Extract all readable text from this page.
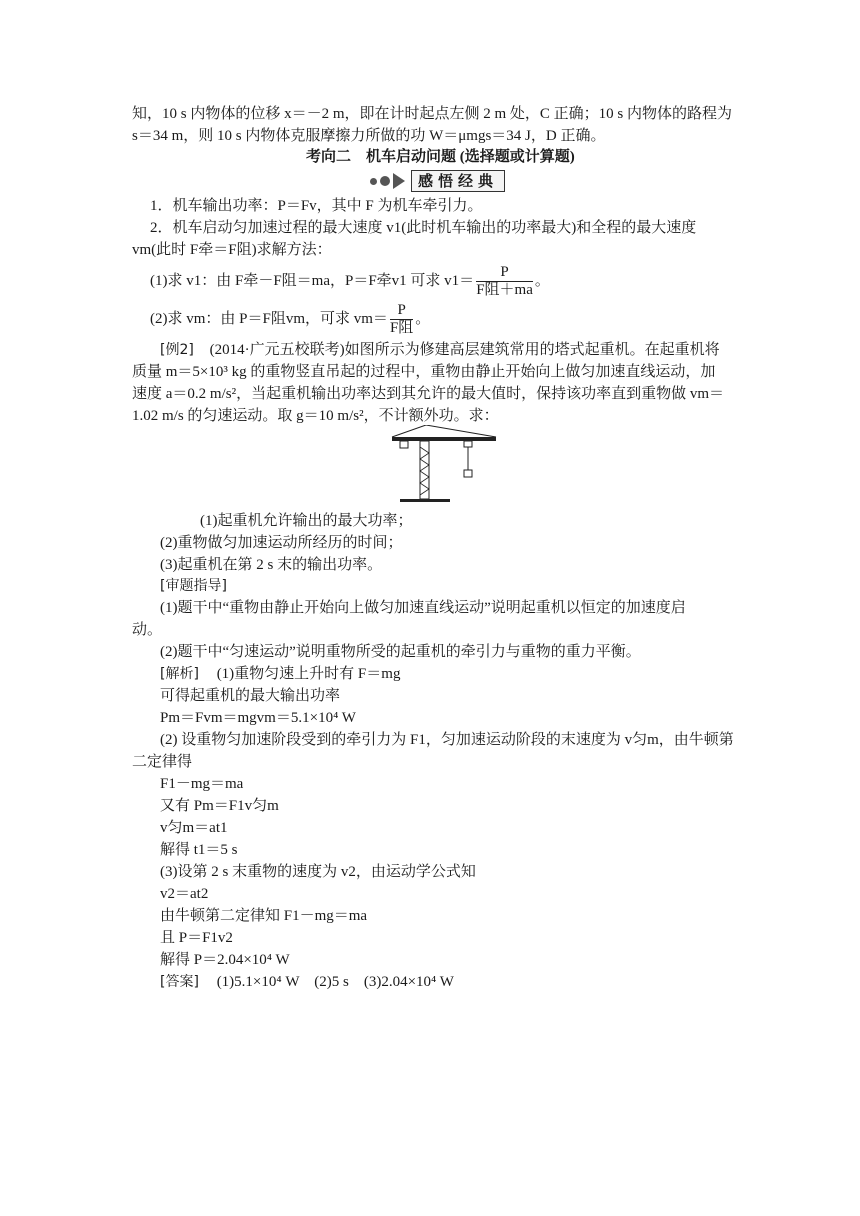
知，10 s 内物体的位移 x＝－2 m，即在计时起点左侧 2 m 处，C 正确；10 s 内物体的路程为
s＝34 m，则 10 s 内物体克服摩擦力所做的功 W＝μmgs＝34 J，D 正确。
考向二　机车启动问题 (选择题或计算题)
感悟经典
1．机车输出功率：P＝Fv，其中 F 为机车牵引力。
2．机车启动匀加速过程的最大速度 v1(此时机车输出的功率最大)和全程的最大速度
vm(此时 F牵＝F阻)求解方法：
(1)求 v1：由 F牵－F阻＝ma，P＝F牵v1 可求 $v1= \frac{P}{\text{F阻＋ma}}$ 。
(2)求 vm：由 P＝F阻vm，可求 $vm= \frac{P}{\text{F阻}}$ 。
[例2] (2014·广元五校联考)如图所示为修建高层建筑常用的塔式起重机。在起重机将
质量 m＝5×10³ kg 的重物竖直吊起的过程中，重物由静止开始向上做匀加速直线运动，加
速度 a＝0.2 m/s²，当起重机输出功率达到其允许的最大值时，保持该功率直到重物做 vm＝
1.02 m/s 的匀速运动。取 g＝10 m/s²，不计额外功。求：
(1)起重机允许输出的最大功率；
(2)重物做匀加速运动所经历的时间；
(3)起重机在第 2 s 末的输出功率。
[审题指导]
(1)题干中“重物由静止开始向上做匀加速直线运动”说明起重机以恒定的加速度启
动。
(2)题干中“匀速运动”说明重物所受的起重机的牵引力与重物的重力平衡。
[解析] (1)重物匀速上升时有 F＝mg
可得起重机的最大输出功率
Pm＝Fvm＝mgvm＝5.1×10⁴ W
(2) 设重物匀加速阶段受到的牵引力为 F1，匀加速运动阶段的末速度为 v匀m，由牛顿第
二定律得
F1－mg＝ma
又有 Pm＝F1v匀m
v匀m＝at1
解得 t1＝5 s
(3)设第 2 s 末重物的速度为 v2，由运动学公式知
v2＝at2
由牛顿第二定律知 F1－mg＝ma
且 P＝F1v2
解得 P＝2.04×10⁴ W
[答案] (1)5.1×10⁴ W　(2)5 s　(3)2.04×10⁴ W
